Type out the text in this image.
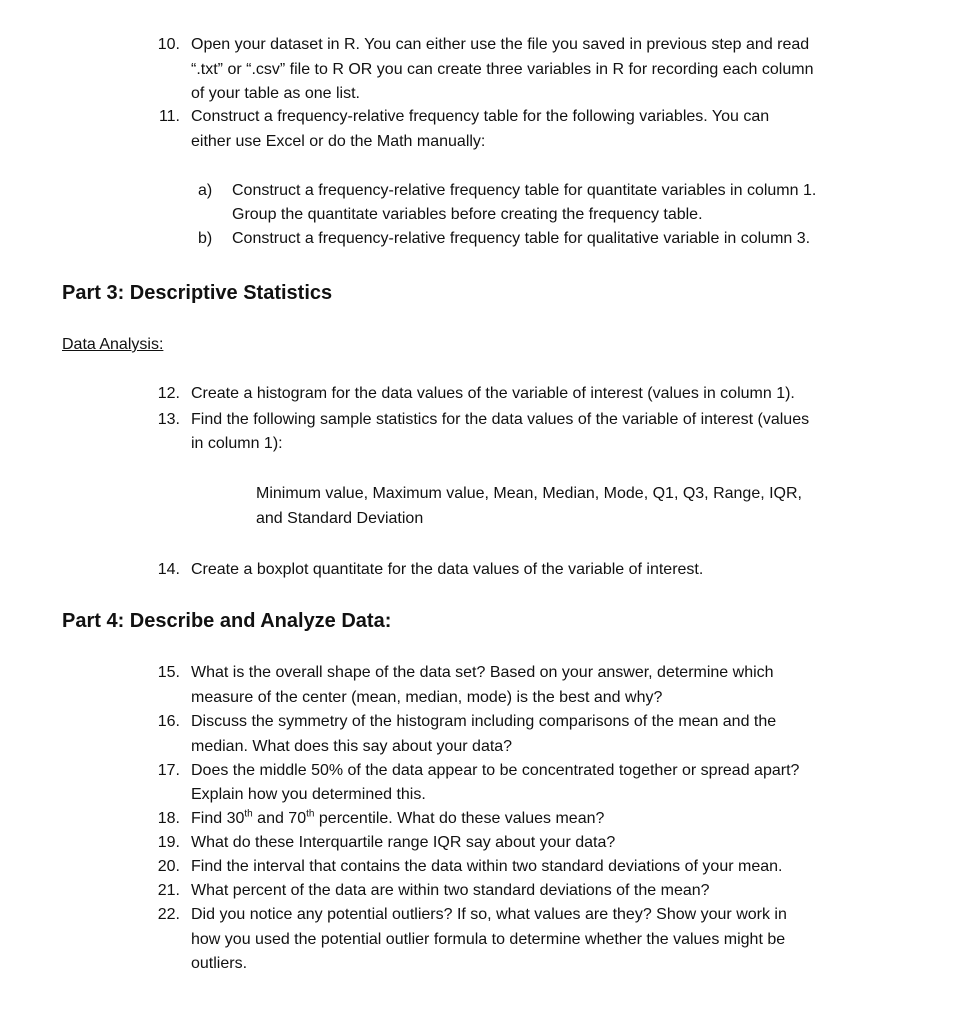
10. Open your dataset in R. You can either use the file you saved in previous step and read
“.txt” or “.csv” file to R OR you can create three variables in R for recording each column
of your table as one list.
11. Construct a frequency-relative frequency table for the following variables. You can
either use Excel or do the Math manually:
a) Construct a frequency-relative frequency table for quantitate variables in column 1.
Group the quantitate variables before creating the frequency table.
b) Construct a frequency-relative frequency table for qualitative variable in column 3.
Part 3: Descriptive Statistics
Data Analysis:
12. Create a histogram for the data values of the variable of interest (values in column 1).
13. Find the following sample statistics for the data values of the variable of interest (values
in column 1):
Minimum value, Maximum value, Mean, Median, Mode, Q1, Q3, Range, IQR,
and Standard Deviation
14. Create a boxplot quantitate for the data values of the variable of interest.
Part 4: Describe and Analyze Data:
15. What is the overall shape of the data set? Based on your answer, determine which
measure of the center (mean, median, mode) is the best and why?
16. Discuss the symmetry of the histogram including comparisons of the mean and the
median. What does this say about your data?
17. Does the middle 50% of the data appear to be concentrated together or spread apart?
Explain how you determined this.
18. Find 30th and 70th percentile. What do these values mean?
19. What do these Interquartile range IQR say about your data?
20. Find the interval that contains the data within two standard deviations of your mean.
21. What percent of the data are within two standard deviations of the mean?
22. Did you notice any potential outliers? If so, what values are they? Show your work in
how you used the potential outlier formula to determine whether the values might be
outliers.
